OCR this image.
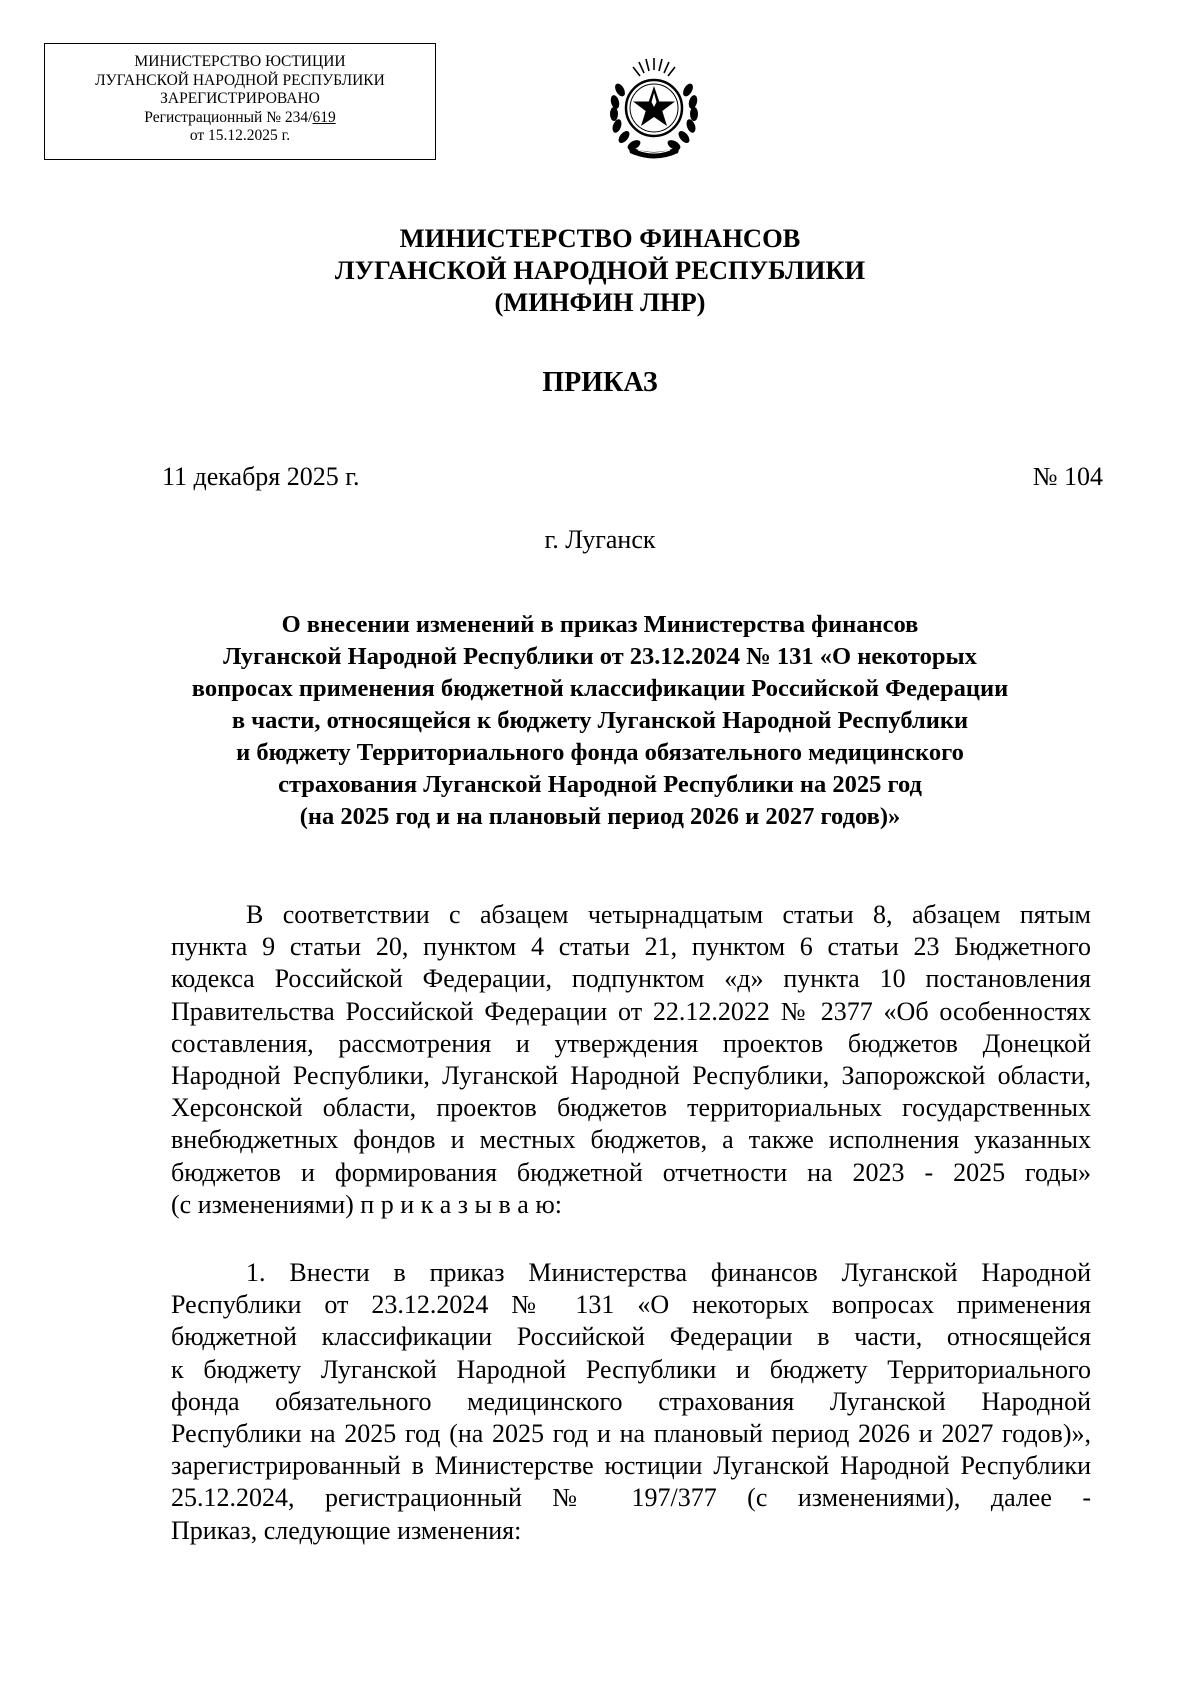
МИНИСТЕРСТВО ЮСТИЦИИ
ЛУГАНСКОЙ НАРОДНОЙ РЕСПУБЛИКИ
ЗАРЕГИСТРИРОВАНО
Регистрационный № 234/619
от 15.12.2025 г.
МИНИСТЕРСТВО ФИНАНСОВ
ЛУГАНСКОЙ НАРОДНОЙ РЕСПУБЛИКИ
(МИНФИН ЛНР)
ПРИКАЗ
11 декабря 2025 г.	№ 104
г. Луганск
О внесении изменений в приказ Министерства финансов
Луганской Народной Республики от 23.12.2024 № 131 «О некоторых
вопросах применения бюджетной классификации Российской Федерации
в части, относящейся к бюджету Луганской Народной Республики
и бюджету Территориального фонда обязательного медицинского
страхования Луганской Народной Республики на 2025 год
(на 2025 год и на плановый период 2026 и 2027 годов)»
В соответствии с абзацем четырнадцатым статьи 8, абзацем пятым
пункта 9 статьи 20, пунктом 4 статьи 21, пунктом 6 статьи 23 Бюджетного
кодекса Российской Федерации, подпунктом «д» пункта 10 постановления
Правительства Российской Федерации от 22.12.2022 № 2377 «Об особенностях
составления, рассмотрения и утверждения проектов бюджетов Донецкой
Народной Республики, Луганской Народной Республики, Запорожской области,
Херсонской области, проектов бюджетов территориальных государственных
внебюджетных фондов и местных бюджетов, а также исполнения указанных
бюджетов и формирования бюджетной отчетности на 2023 - 2025 годы»
(с изменениями) п р и к а з ы в а ю:
1. Внести в приказ Министерства финансов Луганской Народной
Республики от 23.12.2024 № 131 «О некоторых вопросах применения
бюджетной классификации Российской Федерации в части, относящейся
к бюджету Луганской Народной Республики и бюджету Территориального
фонда обязательного медицинского страхования Луганской Народной
Республики на 2025 год (на 2025 год и на плановый период 2026 и 2027 годов)»,
зарегистрированный в Министерстве юстиции Луганской Народной Республики
25.12.2024, регистрационный № 197/377 (с изменениями), далее -
Приказ, следующие изменения:
